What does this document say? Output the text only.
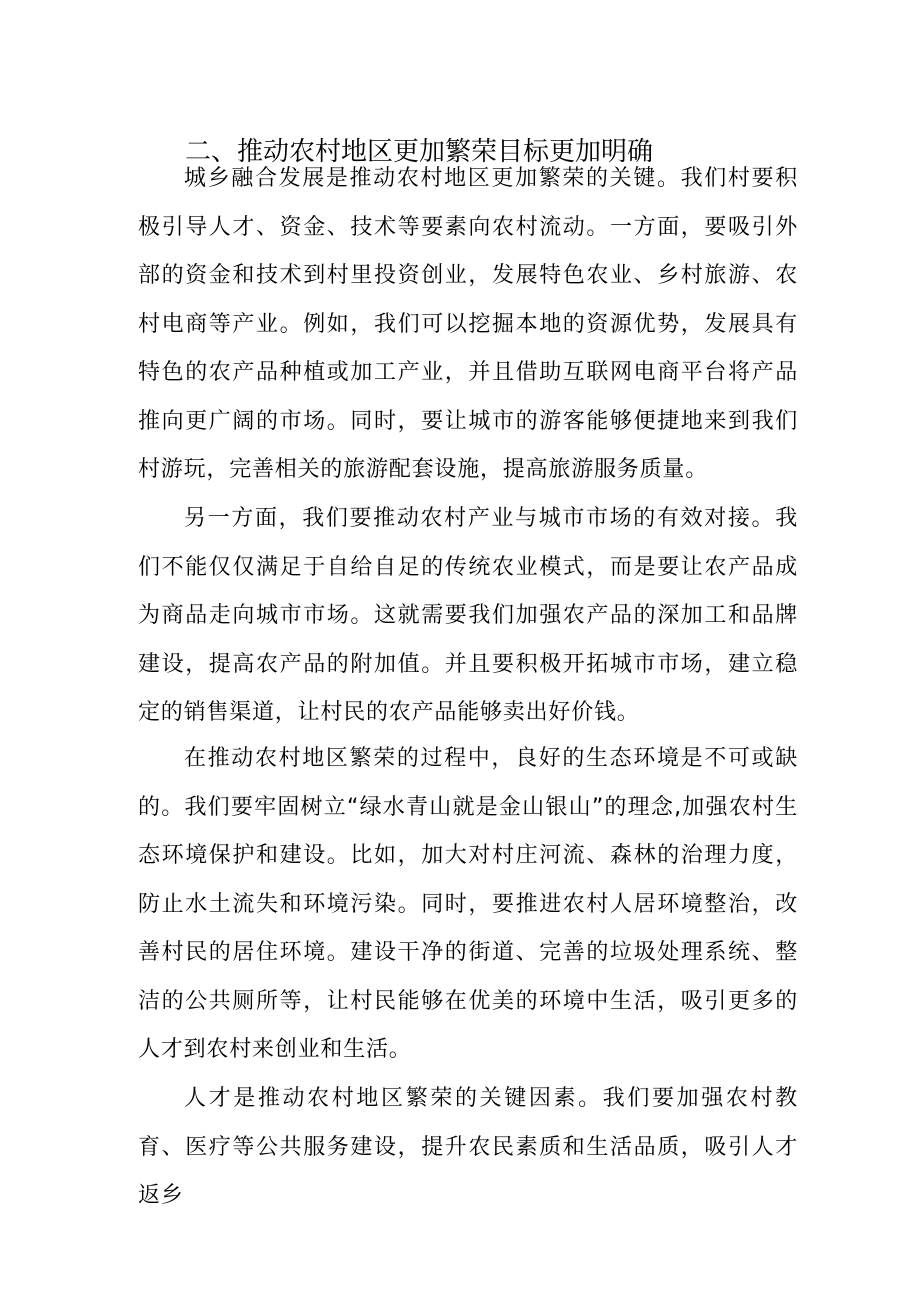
二、推动农村地区更加繁荣目标更加明确

城乡融合发展是推动农村地区更加繁荣的关键。我们村要积极引导人才、资金、技术等要素向农村流动。一方面，要吸引外部的资金和技术到村里投资创业，发展特色农业、乡村旅游、农村电商等产业。例如，我们可以挖掘本地的资源优势，发展具有特色的农产品种植或加工产业，并且借助互联网电商平台将产品推向更广阔的市场。同时，要让城市的游客能够便捷地来到我们村游玩，完善相关的旅游配套设施，提高旅游服务质量。

另一方面，我们要推动农村产业与城市市场的有效对接。我们不能仅仅满足于自给自足的传统农业模式，而是要让农产品成为商品走向城市市场。这就需要我们加强农产品的深加工和品牌建设，提高农产品的附加值。并且要积极开拓城市市场，建立稳定的销售渠道，让村民的农产品能够卖出好价钱。

在推动农村地区繁荣的过程中，良好的生态环境是不可或缺的。我们要牢固树立“绿水青山就是金山银山”的理念,加强农村生态环境保护和建设。比如，加大对村庄河流、森林的治理力度，防止水土流失和环境污染。同时，要推进农村人居环境整治，改善村民的居住环境。建设干净的街道、完善的垃圾处理系统、整洁的公共厕所等，让村民能够在优美的环境中生活，吸引更多的人才到农村来创业和生活。

人才是推动农村地区繁荣的关键因素。我们要加强农村教育、医疗等公共服务建设，提升农民素质和生活品质，吸引人才返乡
